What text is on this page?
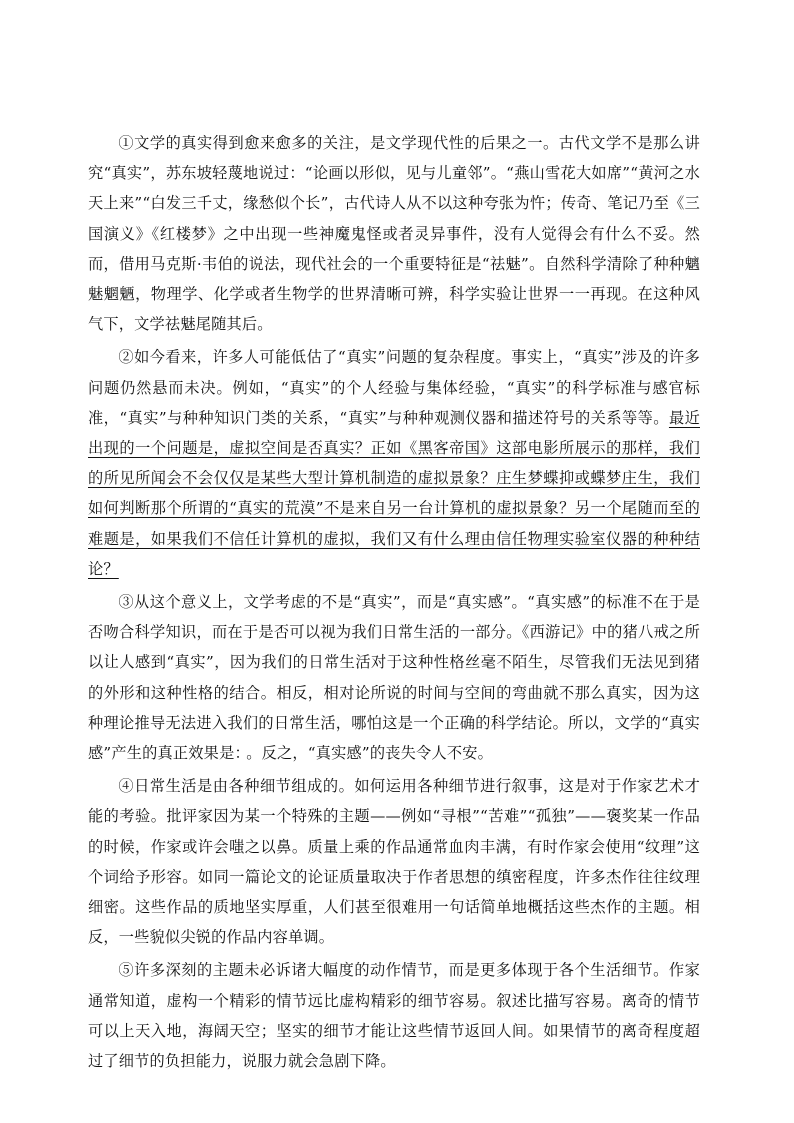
①文学的真实得到愈来愈多的关注，是文学现代性的后果之一。古代文学不是那么讲究“真实”，苏东坡轻蔑地说过：“论画以形似，见与儿童邻”。“燕山雪花大如席”“黄河之水天上来”“白发三千丈，缘愁似个长”，古代诗人从不以这种夸张为忤；传奇、笔记乃至《三国演义》《红楼梦》之中出现一些神魔鬼怪或者灵异事件，没有人觉得会有什么不妥。然而，借用马克斯·韦伯的说法，现代社会的一个重要特征是“祛魅”。自然科学清除了种种魑魅魍魉，物理学、化学或者生物学的世界清晰可辨，科学实验让世界一一再现。在这种风气下，文学祛魅尾随其后。

②如今看来，许多人可能低估了“真实”问题的复杂程度。事实上，“真实”涉及的许多问题仍然悬而未决。例如，“真实”的个人经验与集体经验，“真实”的科学标准与感官标准，“真实”与种种知识门类的关系，“真实”与种种观测仪器和描述符号的关系等等。最近出现的一个问题是，虚拟空间是否真实？正如《黑客帝国》这部电影所展示的那样，我们的所见所闻会不会仅仅是某些大型计算机制造的虚拟景象？庄生梦蝶抑或蝶梦庄生，我们如何判断那个所谓的“真实的荒漠”不是来自另一台计算机的虚拟景象？另一个尾随而至的难题是，如果我们不信任计算机的虚拟，我们又有什么理由信任物理实验室仪器的种种结论？

③从这个意义上，文学考虑的不是“真实”，而是“真实感”。“真实感”的标准不在于是否吻合科学知识，而在于是否可以视为我们日常生活的一部分。《西游记》中的猪八戒之所以让人感到“真实”，因为我们的日常生活对于这种性格丝毫不陌生，尽管我们无法见到猪的外形和这种性格的结合。相反，相对论所说的时间与空间的弯曲就不那么真实，因为这种理论推导无法进入我们的日常生活，哪怕这是一个正确的科学结论。所以，文学的“真实感”产生的真正效果是： 。反之，“真实感”的丧失令人不安。

④日常生活是由各种细节组成的。如何运用各种细节进行叙事，这是对于作家艺术才能的考验。批评家因为某一个特殊的主题——例如“寻根”“苦难”“孤独”——褒奖某一作品的时候，作家或许会嗤之以鼻。质量上乘的作品通常血肉丰满，有时作家会使用“纹理”这个词给予形容。如同一篇论文的论证质量取决于作者思想的缜密程度，许多杰作往往纹理细密。这些作品的质地坚实厚重，人们甚至很难用一句话简单地概括这些杰作的主题。相反，一些貌似尖锐的作品内容单调。

⑤许多深刻的主题未必诉诸大幅度的动作情节，而是更多体现于各个生活细节。作家通常知道，虚构一个精彩的情节远比虚构精彩的细节容易。叙述比描写容易。离奇的情节可以上天入地，海阔天空；坚实的细节才能让这些情节返回人间。如果情节的离奇程度超过了细节的负担能力，说服力就会急剧下降。
